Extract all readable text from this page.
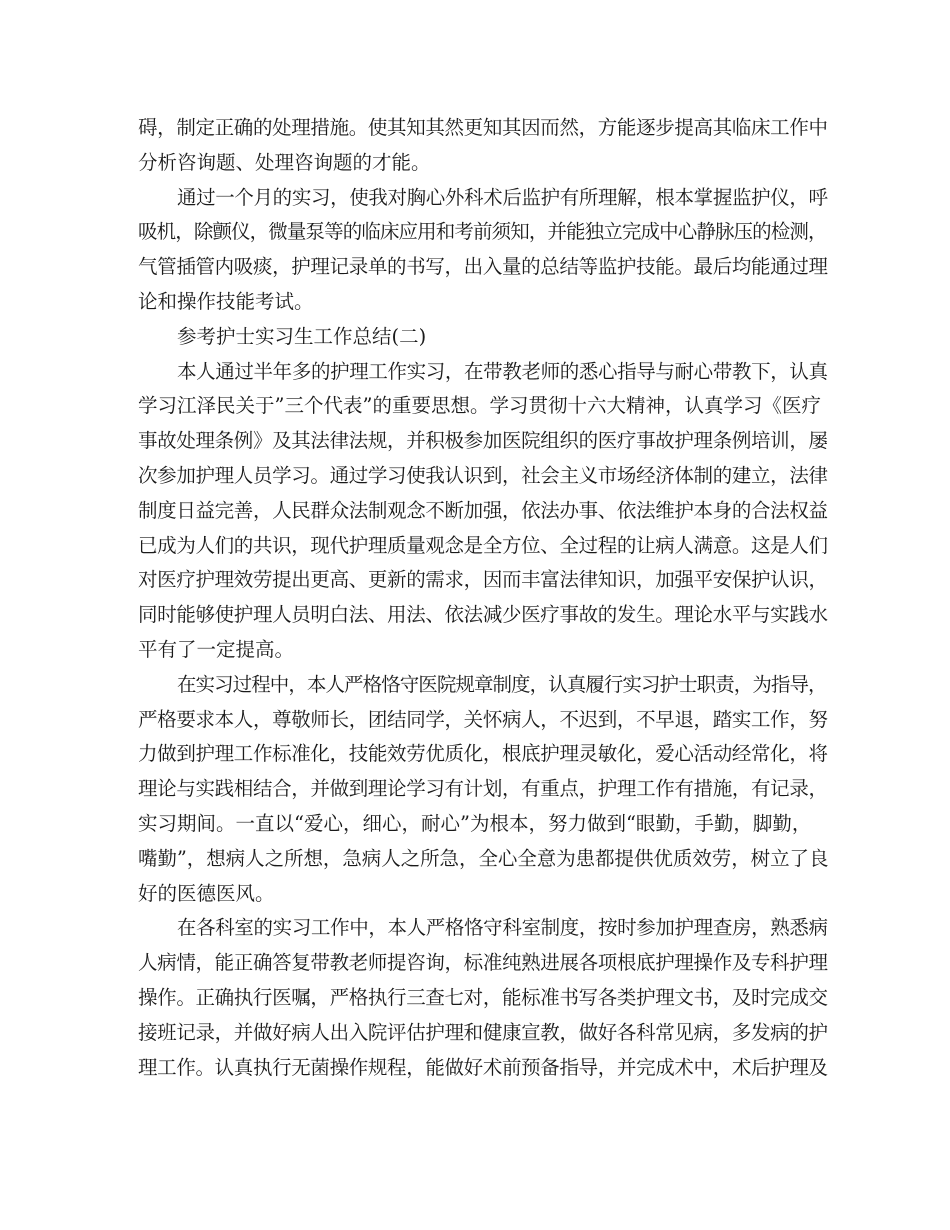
碍，制定正确的处理措施。使其知其然更知其因而然，方能逐步提高其临床工作中
分析咨询题、处理咨询题的才能。
通过一个月的实习，使我对胸心外科术后监护有所理解，根本掌握监护仪，呼
吸机，除颤仪，微量泵等的临床应用和考前须知，并能独立完成中心静脉压的检测，
气管插管内吸痰，护理记录单的书写，出入量的总结等监护技能。最后均能通过理
论和操作技能考试。
参考护士实习生工作总结(二)
本人通过半年多的护理工作实习，在带教老师的悉心指导与耐心带教下，认真
学习江泽民关于”三个代表”的重要思想。学习贯彻十六大精神，认真学习《医疗
事故处理条例》及其法律法规，并积极参加医院组织的医疗事故护理条例培训，屡
次参加护理人员学习。通过学习使我认识到，社会主义市场经济体制的建立，法律
制度日益完善，人民群众法制观念不断加强，依法办事、依法维护本身的合法权益
已成为人们的共识，现代护理质量观念是全方位、全过程的让病人满意。这是人们
对医疗护理效劳提出更高、更新的需求，因而丰富法律知识，加强平安保护认识，
同时能够使护理人员明白法、用法、依法减少医疗事故的发生。理论水平与实践水
平有了一定提高。
在实习过程中，本人严格恪守医院规章制度，认真履行实习护士职责，为指导，
严格要求本人，尊敬师长，团结同学，关怀病人，不迟到，不早退，踏实工作，努
力做到护理工作标准化，技能效劳优质化，根底护理灵敏化，爱心活动经常化，将
理论与实践相结合，并做到理论学习有计划，有重点，护理工作有措施，有记录，
实习期间。一直以“爱心，细心，耐心”为根本，努力做到“眼勤，手勤，脚勤，
嘴勤”，想病人之所想，急病人之所急，全心全意为患都提供优质效劳，树立了良
好的医德医风。
在各科室的实习工作中，本人严格恪守科室制度，按时参加护理查房，熟悉病
人病情，能正确答复带教老师提咨询，标准纯熟进展各项根底护理操作及专科护理
操作。正确执行医嘱，严格执行三查七对，能标准书写各类护理文书，及时完成交
接班记录，并做好病人出入院评估护理和健康宣教，做好各科常见病，多发病的护
理工作。认真执行无菌操作规程，能做好术前预备指导，并完成术中，术后护理及
